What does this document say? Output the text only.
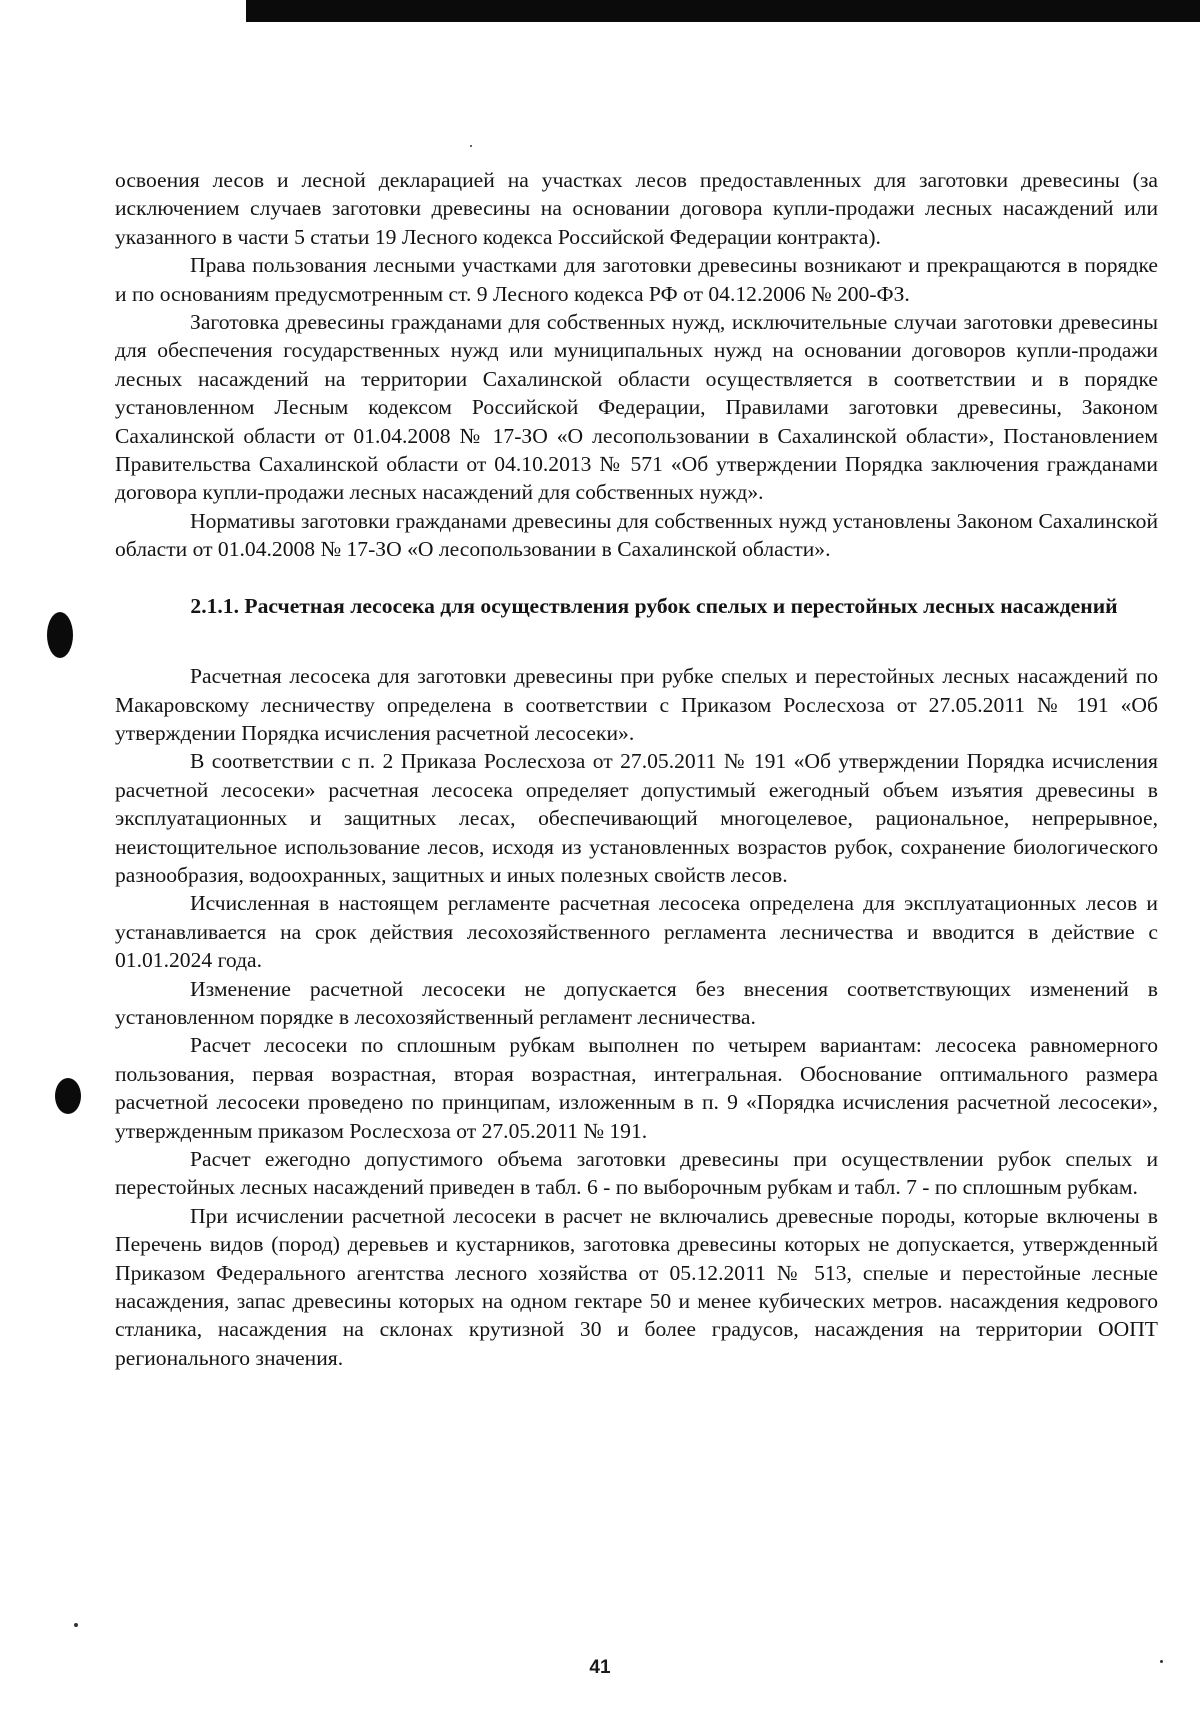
освоения лесов и лесной декларацией на участках лесов предоставленных для заготовки древесины (за исключением случаев заготовки древесины на основании договора купли-продажи лесных насаждений или указанного в части 5 статьи 19 Лесного кодекса Российской Федерации контракта).

Права пользования лесными участками для заготовки древесины возникают и прекращаются в порядке и по основаниям предусмотренным ст. 9 Лесного кодекса РФ от 04.12.2006 № 200-ФЗ.

Заготовка древесины гражданами для собственных нужд, исключительные случаи заготовки древесины для обеспечения государственных нужд или муниципальных нужд на основании договоров купли-продажи лесных насаждений на территории Сахалинской области осуществляется в соответствии и в порядке установленном Лесным кодексом Российской Федерации, Правилами заготовки древесины, Законом Сахалинской области от 01.04.2008 № 17-ЗО «О лесопользовании в Сахалинской области», Постановлением Правительства Сахалинской области от 04.10.2013 № 571 «Об утверждении Порядка заключения гражданами договора купли-продажи лесных насаждений для собственных нужд».

Нормативы заготовки гражданами древесины для собственных нужд установлены Законом Сахалинской области от 01.04.2008 № 17-ЗО «О лесопользовании в Сахалинской области».

2.1.1. Расчетная лесосека для осуществления рубок спелых и перестойных лесных насаждений

Расчетная лесосека для заготовки древесины при рубке спелых и перестойных лесных насаждений по Макаровскому лесничеству определена в соответствии с Приказом Рослесхоза от 27.05.2011 № 191 «Об утверждении Порядка исчисления расчетной лесосеки».

В соответствии с п. 2 Приказа Рослесхоза от 27.05.2011 № 191 «Об утверждении Порядка исчисления расчетной лесосеки» расчетная лесосека определяет допустимый ежегодный объем изъятия древесины в эксплуатационных и защитных лесах, обеспечивающий многоцелевое, рациональное, непрерывное, неистощительное использование лесов, исходя из установленных возрастов рубок, сохранение биологического разнообразия, водоохранных, защитных и иных полезных свойств лесов.

Исчисленная в настоящем регламенте расчетная лесосека определена для эксплуатационных лесов и устанавливается на срок действия лесохозяйственного регламента лесничества и вводится в действие с 01.01.2024 года.

Изменение расчетной лесосеки не допускается без внесения соответствующих изменений в установленном порядке в лесохозяйственный регламент лесничества.

Расчет лесосеки по сплошным рубкам выполнен по четырем вариантам: лесосека равномерного пользования, первая возрастная, вторая возрастная, интегральная. Обоснование оптимального размера расчетной лесосеки проведено по принципам, изложенным в п. 9 «Порядка исчисления расчетной лесосеки», утвержденным приказом Рослесхоза от 27.05.2011 № 191.

Расчет ежегодно допустимого объема заготовки древесины при осуществлении рубок спелых и перестойных лесных насаждений приведен в табл. 6 - по выборочным рубкам и табл. 7 - по сплошным рубкам.

При исчислении расчетной лесосеки в расчет не включались древесные породы, которые включены в Перечень видов (пород) деревьев и кустарников, заготовка древесины которых не допускается, утвержденный Приказом Федерального агентства лесного хозяйства от 05.12.2011 № 513, спелые и перестойные лесные насаждения, запас древесины которых на одном гектаре 50 и менее кубических метров. насаждения кедрового стланика, насаждения на склонах крутизной 30 и более градусов, насаждения на территории ООПТ регионального значения.

41
